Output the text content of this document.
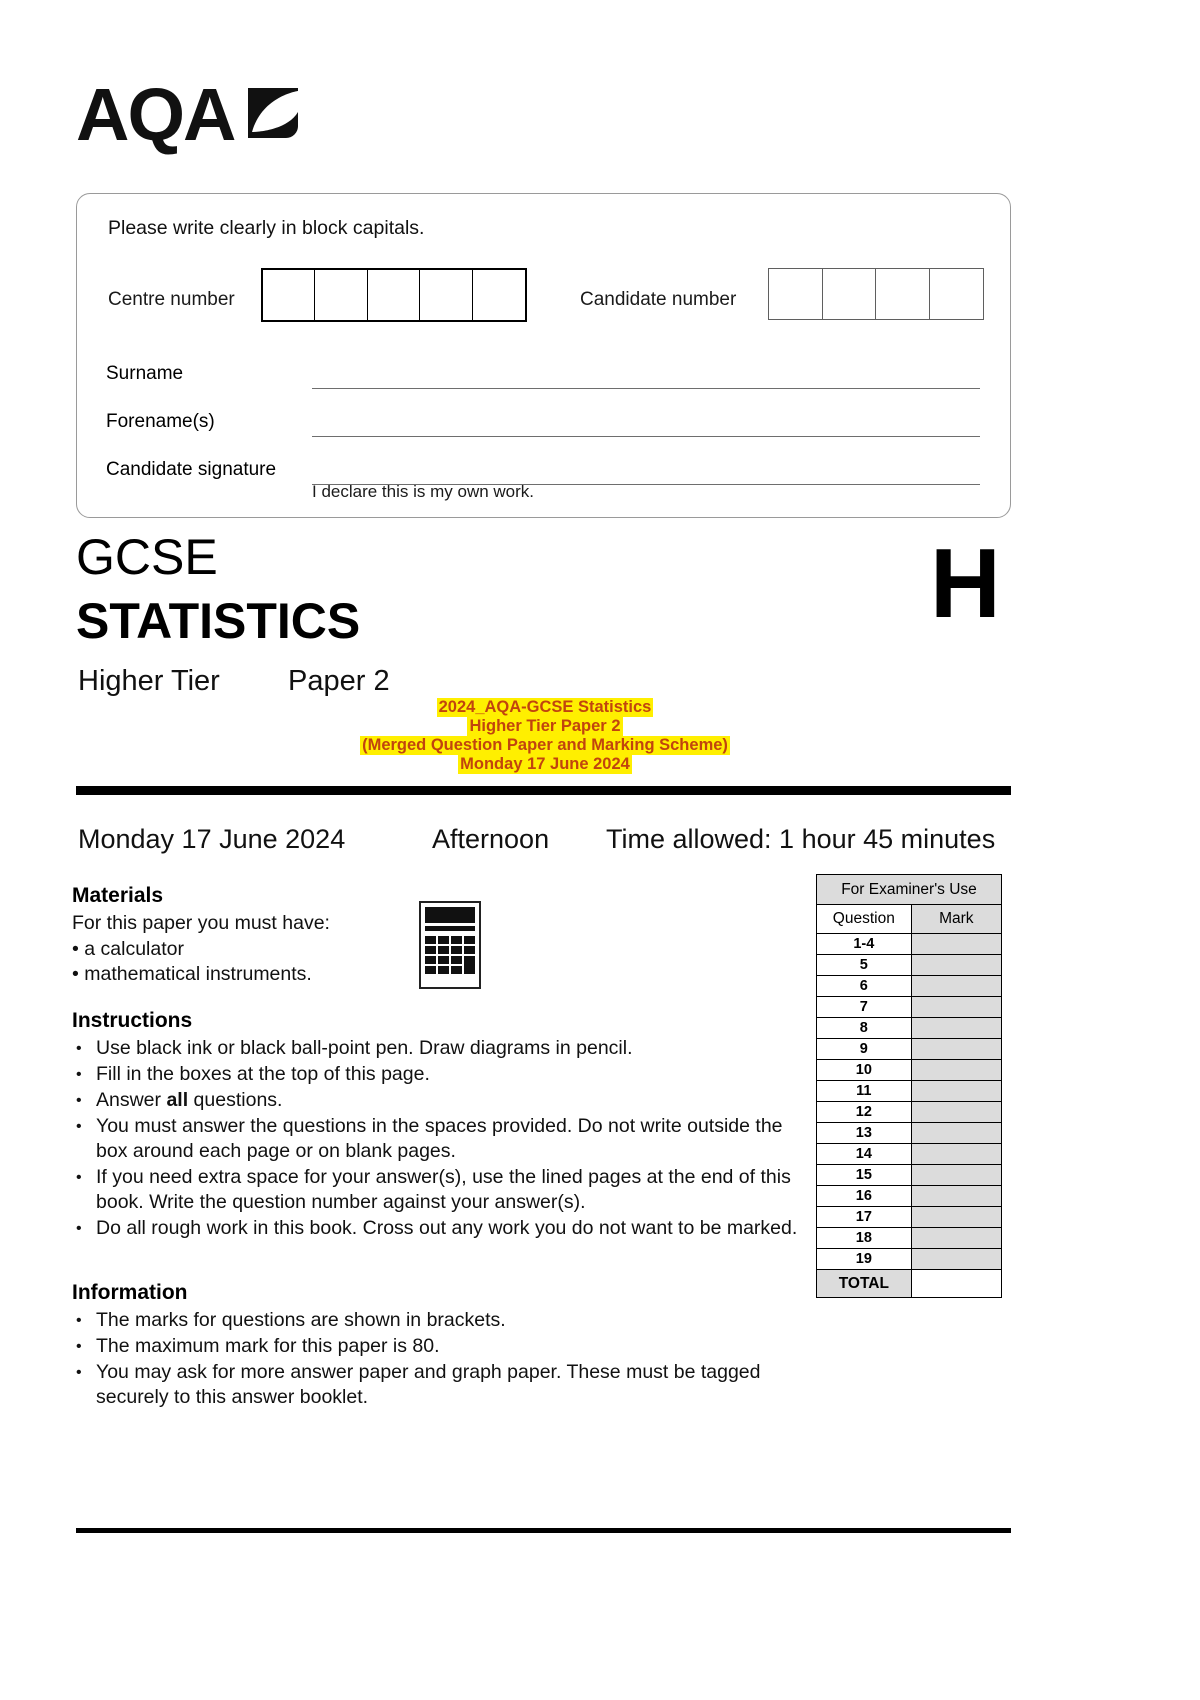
AQA
Please write clearly in block capitals.
Centre number	Candidate number
Surname
Forename(s)
Candidate signature
I declare this is my own work.
GCSE
STATISTICS
Higher Tier Paper 2
H
2024_AQA-GCSE Statistics
Higher Tier Paper 2
(Merged Question Paper and Marking Scheme)
Monday 17 June 2024
Monday 17 June 2024	Afternoon Time allowed: 1 hour 45 minutes
Materials
For this paper you must have:
• a calculator
• mathematical instruments.
Instructions
• Use black ink or black ball-point pen. Draw diagrams in pencil.
• Fill in the boxes at the top of this page.
• Answer all questions.
• You must answer the questions in the spaces provided. Do not write outside the box around each page or on blank pages.
• If you need extra space for your answer(s), use the lined pages at the end of this book. Write the question number against your answer(s).
• Do all rough work in this book. Cross out any work you do not want to be marked.
Information
• The marks for questions are shown in brackets.
• The maximum mark for this paper is 80.
• You may ask for more answer paper and graph paper. These must be tagged securely to this answer booklet.
For Examiner's Use	
Question	Mark
1-4	
5	
6	
7	
8	
9	
10	
11	
12	
13	
14	
15	
16	
17	
18	
19	
TOTAL	
